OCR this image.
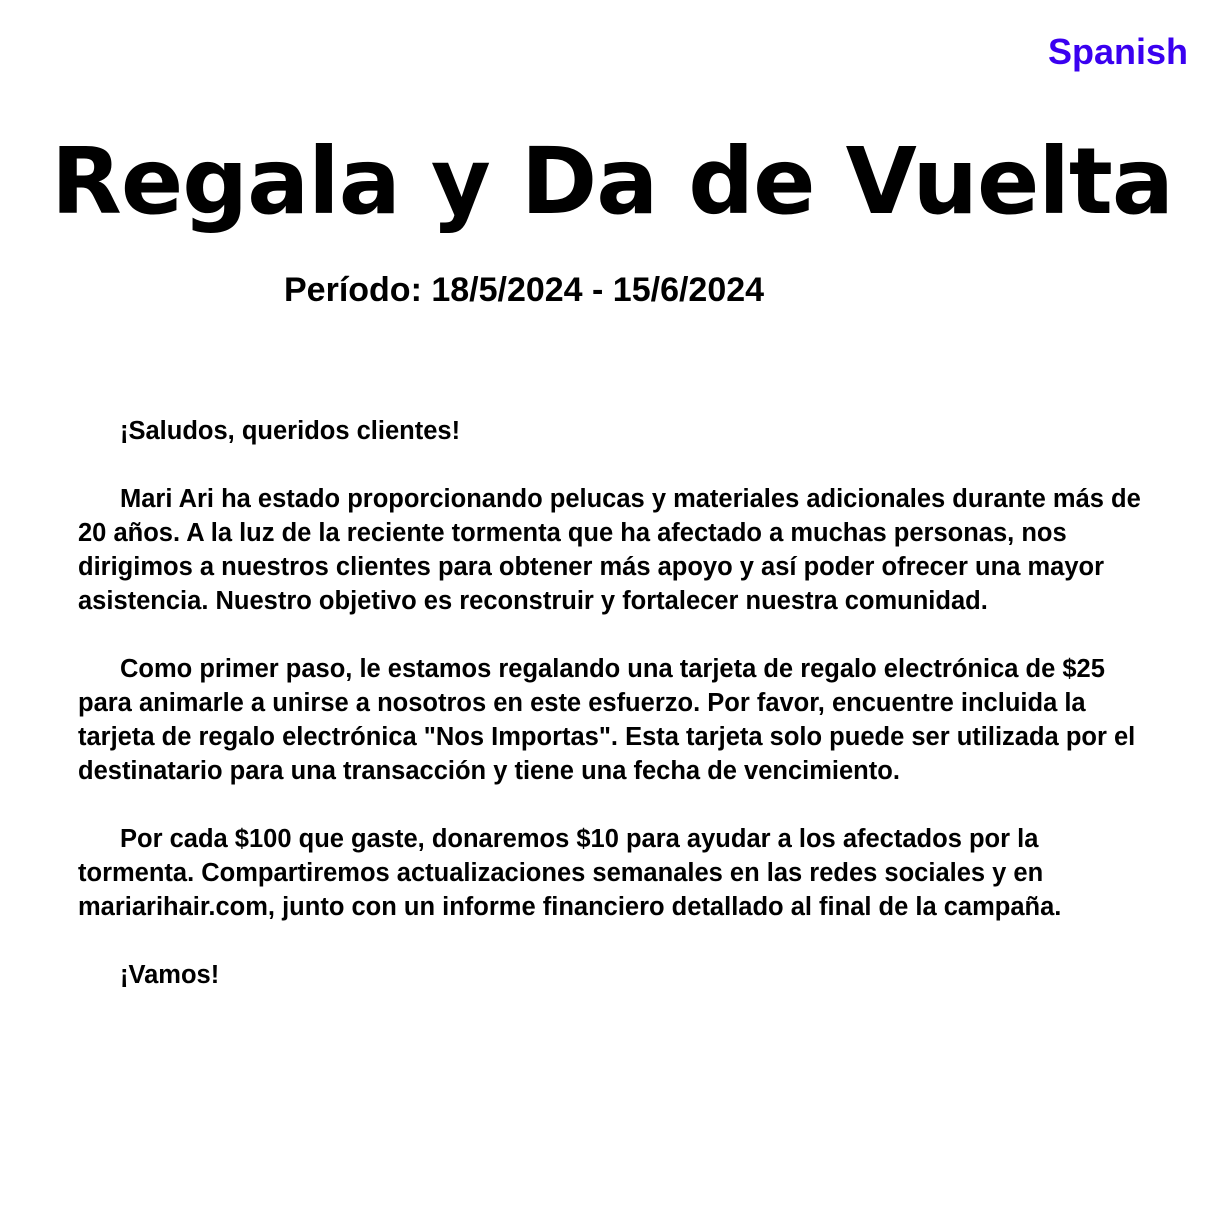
Spanish
Regala y Da de Vuelta
Período: 18/5/2024 - 15/6/2024

¡Saludos, queridos clientes!

Mari Ari ha estado proporcionando pelucas y materiales adicionales durante más de 20 años. A la luz de la reciente tormenta que ha afectado a muchas personas, nos dirigimos a nuestros clientes para obtener más apoyo y así poder ofrecer una mayor asistencia. Nuestro objetivo es reconstruir y fortalecer nuestra comunidad.

Como primer paso, le estamos regalando una tarjeta de regalo electrónica de $25 para animarle a unirse a nosotros en este esfuerzo. Por favor, encuentre incluida la tarjeta de regalo electrónica "Nos Importas". Esta tarjeta solo puede ser utilizada por el destinatario para una transacción y tiene una fecha de vencimiento.

Por cada $100 que gaste, donaremos $10 para ayudar a los afectados por la tormenta. Compartiremos actualizaciones semanales en las redes sociales y en mariarihair.com, junto con un informe financiero detallado al final de la campaña.

¡Vamos!
